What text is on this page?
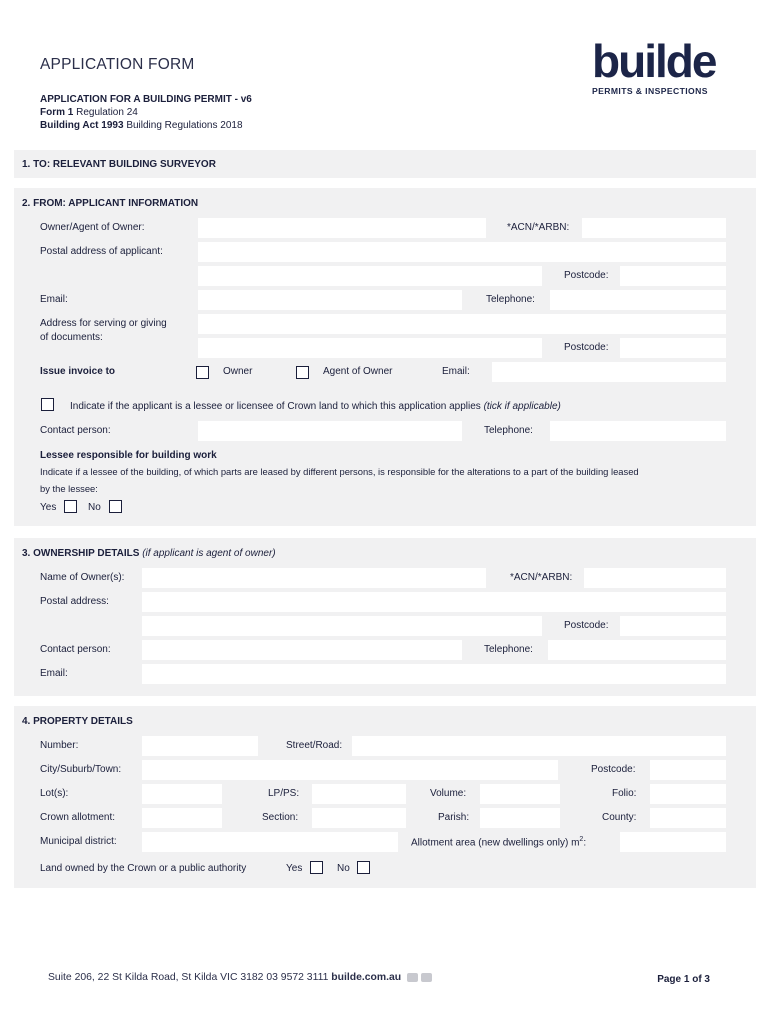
APPLICATION FORM
APPLICATION FOR A BUILDING PERMIT - v6
Form 1 Regulation 24
Building Act 1993 Building Regulations 2018
builde
PERMITS & INSPECTIONS
1. TO: RELEVANT BUILDING SURVEYOR
2. FROM: APPLICANT INFORMATION
Owner/Agent of Owner:	*ACN/*ARBN:
Postal address of applicant:
Postcode:
Email:	Telephone:
Address for serving or giving
of documents:
Postcode:
Issue invoice to	Owner	Agent of Owner	Email:
Indicate if the applicant is a lessee or licensee of Crown land to which this application applies (tick if applicable)
Contact person:	Telephone:
Lessee responsible for building work
Indicate if a lessee of the building, of which parts are leased by different persons, is responsible for the alterations to a part of the building leased
by the lessee:
Yes	No
3. OWNERSHIP DETAILS (if applicant is agent of owner)
Name of Owner(s):	*ACN/*ARBN:
Postal address:
Postcode:
Contact person:	Telephone:
Email:
4. PROPERTY DETAILS
Number:	Street/Road:
City/Suburb/Town:	Postcode:
Lot(s):	LP/PS:	Volume:	Folio:
Crown allotment:	Section:	Parish:	County:
Municipal district:	Allotment area (new dwellings only) $m^2$:
Land owned by the Crown or a public authority	Yes	No
Suite 206, 22 St Kilda Road, St Kilda VIC 3182 03 9572 3111 builde.com.au	Page 1 of 3
